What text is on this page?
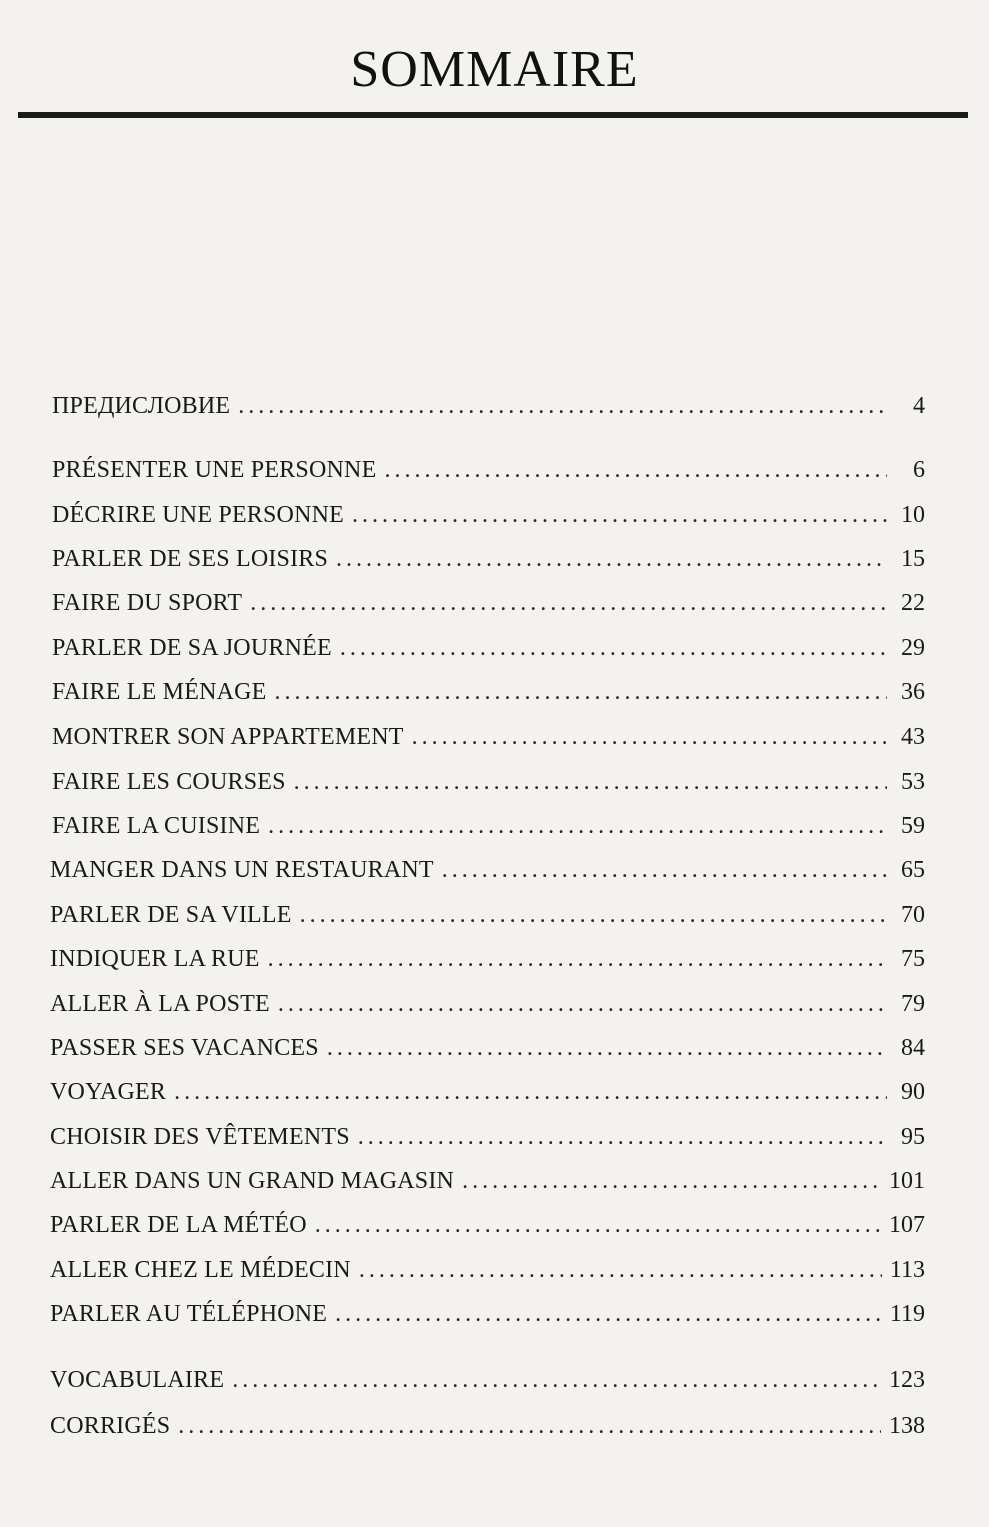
SOMMAIRE
ПРЕДИСЛОВИЕ .....	4
PRÉSENTER UNE PERSONNE .....	6
DÉCRIRE UNE PERSONNE .....	10
PARLER DE SES LOISIRS .....	15
FAIRE DU SPORT .....	22
PARLER DE SA JOURNÉE .....	29
FAIRE LE MÉNAGE .....	36
MONTRER SON APPARTEMENT .....	43
FAIRE LES COURSES .....	53
FAIRE LA CUISINE .....	59
MANGER DANS UN RESTAURANT .....	65
PARLER DE SA VILLE .....	70
INDIQUER LA RUE .....	75
ALLER À LA POSTE .....	79
PASSER SES VACANCES .....	84
VOYAGER .....	90
CHOISIR DES VÊTEMENTS .....	95
ALLER DANS UN GRAND MAGASIN .....	101
PARLER DE LA MÉTÉO .....	107
ALLER CHEZ LE MÉDECIN .....	113
PARLER AU TÉLÉPHONE .....	119
VOCABULAIRE .....	123
CORRIGÉS .....	138
